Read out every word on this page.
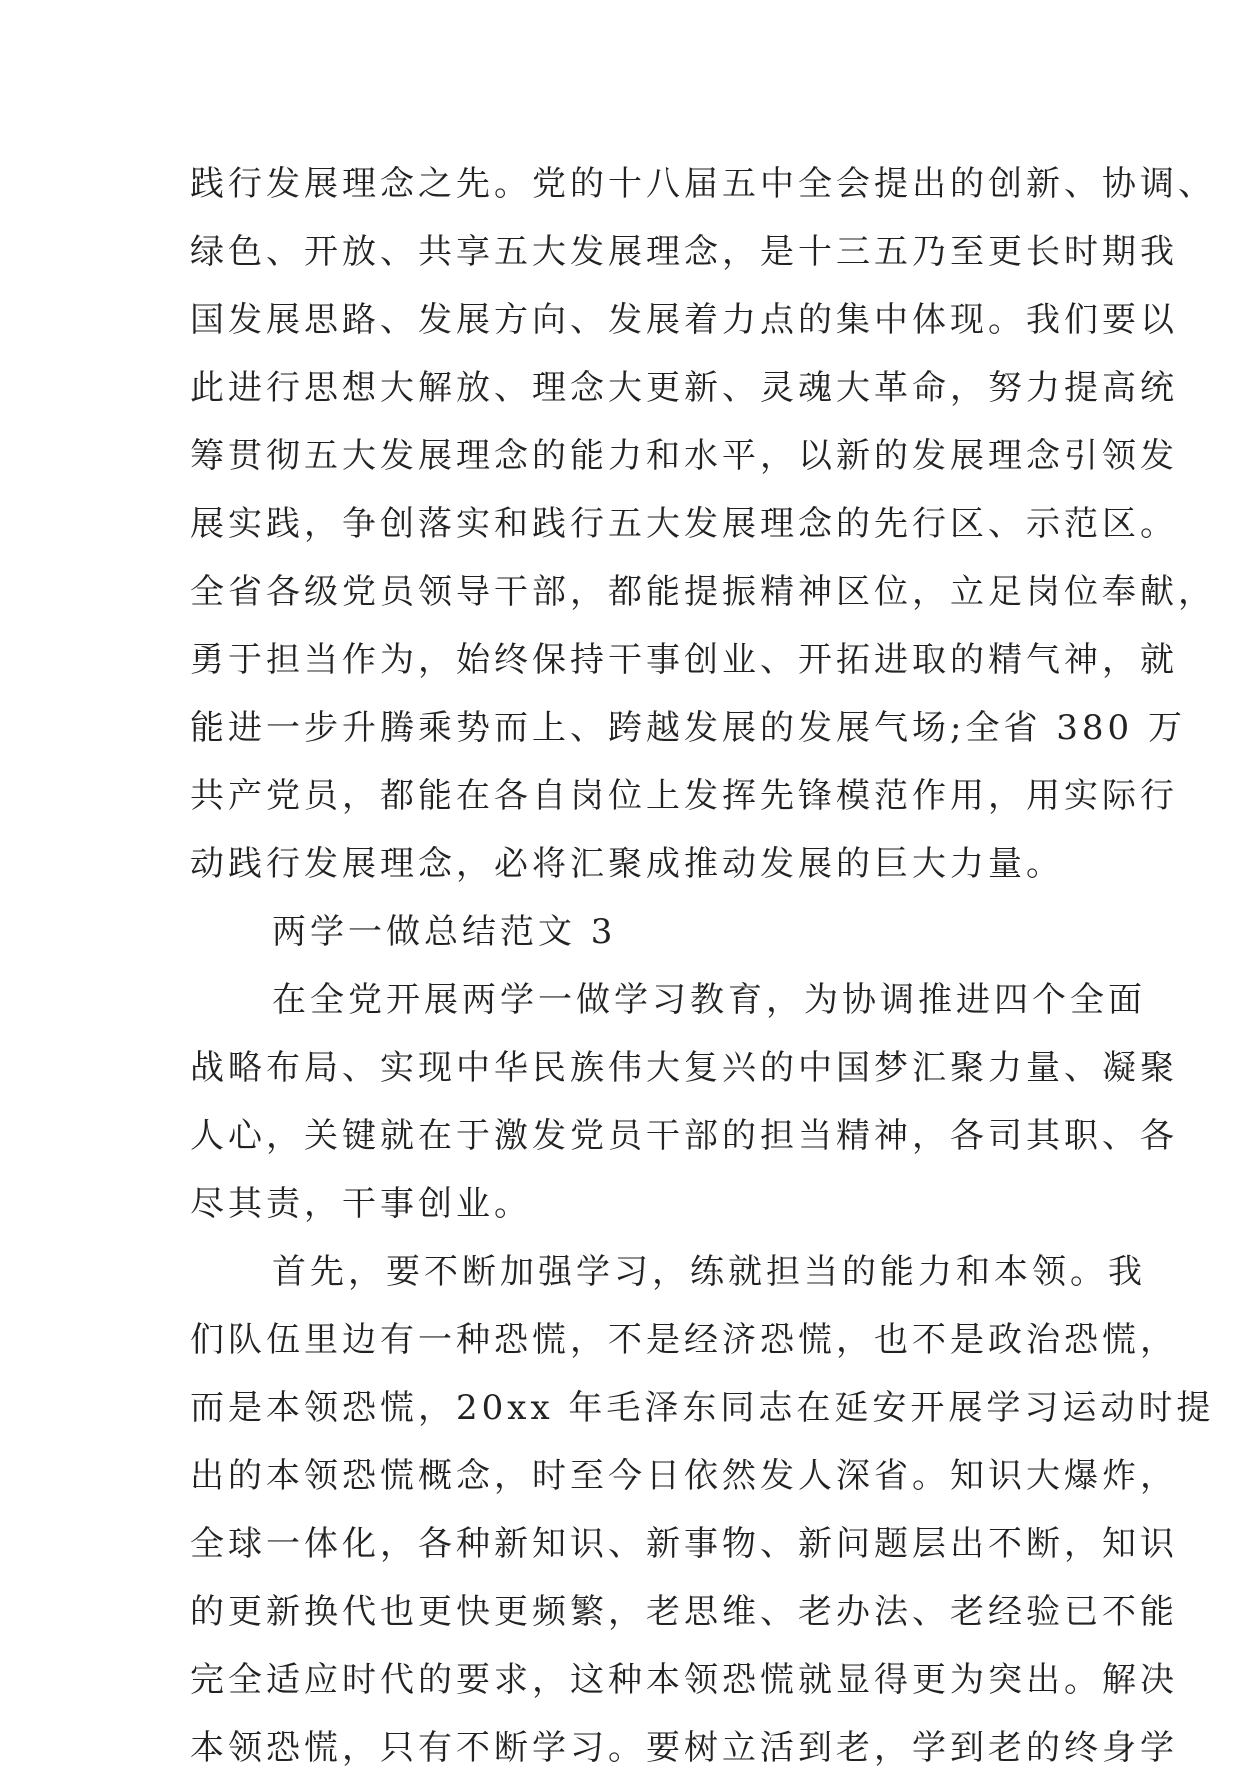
践行发展理念之先。党的十八届五中全会提出的创新、协调、
绿色、开放、共享五大发展理念，是十三五乃至更长时期我
国发展思路、发展方向、发展着力点的集中体现。我们要以
此进行思想大解放、理念大更新、灵魂大革命，努力提高统
筹贯彻五大发展理念的能力和水平，以新的发展理念引领发
展实践，争创落实和践行五大发展理念的先行区、示范区。
全省各级党员领导干部，都能提振精神区位，立足岗位奉献，
勇于担当作为，始终保持干事创业、开拓进取的精气神，就
能进一步升腾乘势而上、跨越发展的发展气场;全省 380 万
共产党员，都能在各自岗位上发挥先锋模范作用，用实际行
动践行发展理念，必将汇聚成推动发展的巨大力量。
两学一做总结范文 3
在全党开展两学一做学习教育，为协调推进四个全面
战略布局、实现中华民族伟大复兴的中国梦汇聚力量、凝聚
人心，关键就在于激发党员干部的担当精神，各司其职、各
尽其责，干事创业。
首先，要不断加强学习，练就担当的能力和本领。我
们队伍里边有一种恐慌，不是经济恐慌，也不是政治恐慌，
而是本领恐慌，20xx 年毛泽东同志在延安开展学习运动时提
出的本领恐慌概念，时至今日依然发人深省。知识大爆炸，
全球一体化，各种新知识、新事物、新问题层出不断，知识
的更新换代也更快更频繁，老思维、老办法、老经验已不能
完全适应时代的要求，这种本领恐慌就显得更为突出。解决
本领恐慌，只有不断学习。要树立活到老，学到老的终身学
